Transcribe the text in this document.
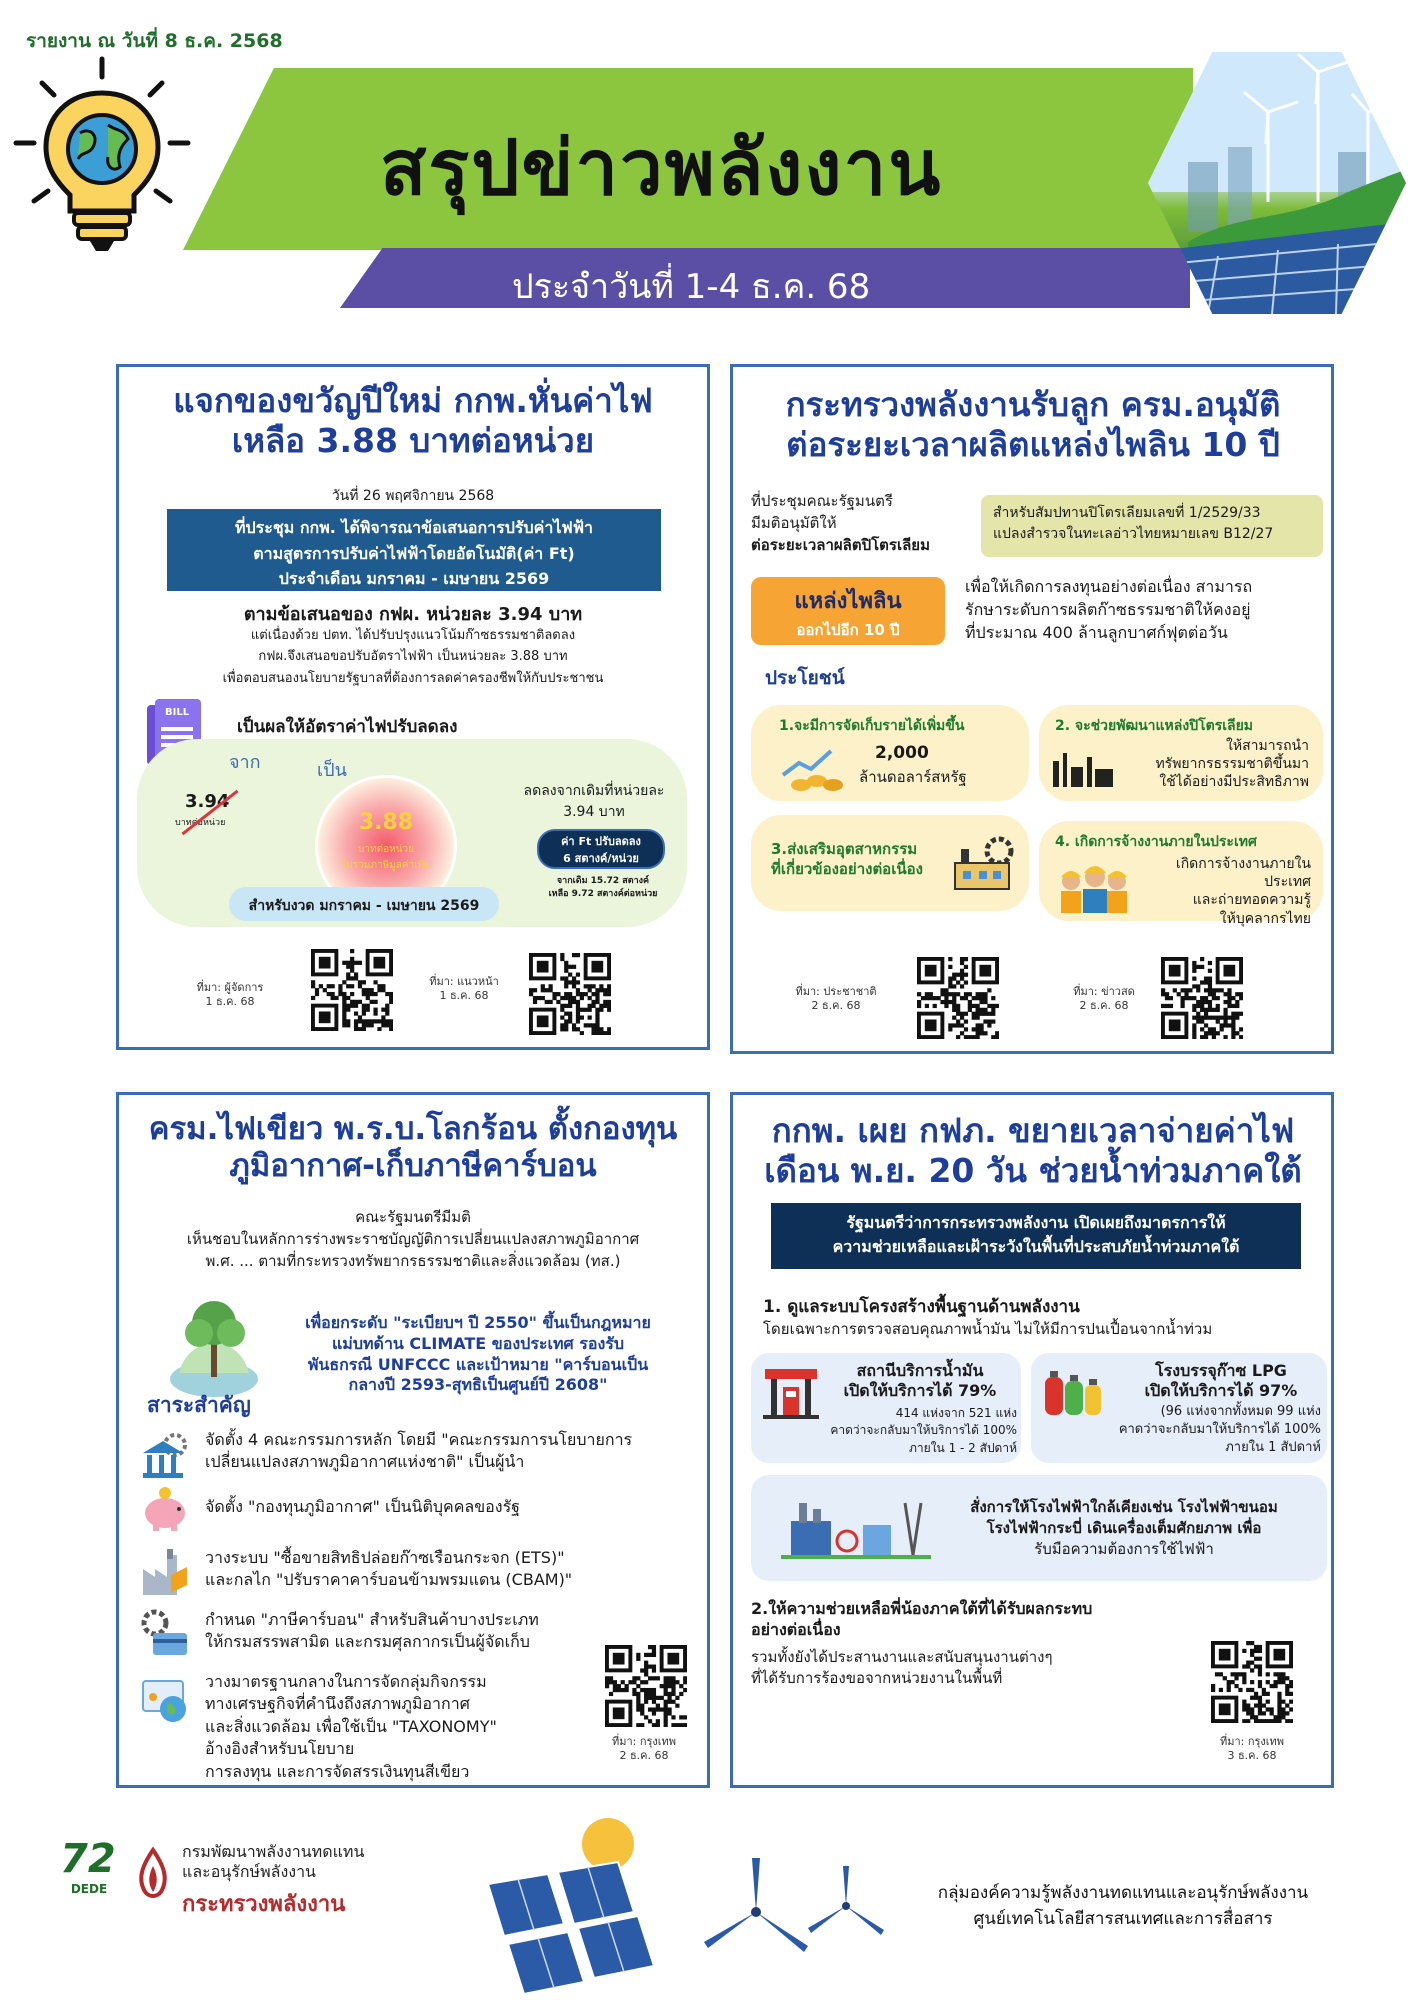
รายงาน ณ วันที่ 8 ธ.ค. 2568
สรุปข่าวพลังงาน
ประจำวันที่ 1-4 ธ.ค. 68
แจกของขวัญปีใหม่ กกพ.หั่นค่าไฟ
เหลือ 3.88 บาทต่อหน่วย
วันที่ 26 พฤศจิกายน 2568
ที่ประชุม กกพ. ได้พิจารณาข้อเสนอการปรับค่าไฟฟ้า
ตามสูตรการปรับค่าไฟฟ้าโดยอัตโนมัติ(ค่า Ft)
ประจำเดือน มกราคม - เมษายน 2569
ตามข้อเสนอของ กฟผ. หน่วยละ 3.94 บาท
แต่เนื่องด้วย ปตท. ได้ปรับปรุงแนวโน้มก๊าซธรรมชาติลดลง
กฟผ.จึงเสนอขอปรับอัตราไฟฟ้า เป็นหน่วยละ 3.88 บาท
เพื่อตอบสนองนโยบายรัฐบาลที่ต้องการลดค่าครองชีพให้กับประชาชน
BILL
เป็นผลให้อัตราค่าไฟปรับลดลง
จาก	เป็น
3.94
บาทต่อหน่วย	3.88
บาทต่อหน่วย
ไม่รวมภาษีมูลค่าเพิ่ม
ลดลงจากเดิมที่หน่วยละ
3.94 บาท
ค่า Ft ปรับลดลง
6 สตางค์/หน่วย
จากเดิม 15.72 สตางค์
เหลือ 9.72 สตางค์ต่อหน่วย
สำหรับงวด มกราคม - เมษายน 2569
ที่มา: ผู้จัดการ
1 ธ.ค. 68
ที่มา: แนวหน้า
1 ธ.ค. 68
กระทรวงพลังงานรับลูก ครม.อนุมัติ
ต่อระยะเวลาผลิตแหล่งไพลิน 10 ปี
ที่ประชุมคณะรัฐมนตรี
มีมติอนุมัติให้
ต่อระยะเวลาผลิตปิโตรเลียม
สำหรับสัมปทานปิโตรเลียมเลขที่ 1/2529/33
แปลงสำรวจในทะเลอ่าวไทยหมายเลข B12/27
แหล่งไพลิน
ออกไปอีก 10 ปี
เพื่อให้เกิดการลงทุนอย่างต่อเนื่อง สามารถ
รักษาระดับการผลิตก๊าซธรรมชาติให้คงอยู่
ที่ประมาณ 400 ล้านลูกบาศก์ฟุตต่อวัน
ประโยชน์
1.จะมีการจัดเก็บรายได้เพิ่มขึ้น
2,000
ล้านดอลาร์สหรัฐ
2. จะช่วยพัฒนาแหล่งปิโตรเลียม
ให้สามารถนำ
ทรัพยากรธรรมชาติขึ้นมา
ใช้ได้อย่างมีประสิทธิภาพ
3.ส่งเสริมอุตสาหกรรม
ที่เกี่ยวข้องอย่างต่อเนื่อง
4. เกิดการจ้างงานภายในประเทศ
เกิดการจ้างงานภายในประเทศ
และถ่ายทอดความรู้
ให้บุคลากรไทย
ที่มา: ประชาชาติ
2 ธ.ค. 68
ที่มา: ข่าวสด
2 ธ.ค. 68
ครม.ไฟเขียว พ.ร.บ.โลกร้อน ตั้งกองทุน
ภูมิอากาศ-เก็บภาษีคาร์บอน
คณะรัฐมนตรีมีมติ
เห็นชอบในหลักการร่างพระราชบัญญัติการเปลี่ยนแปลงสภาพภูมิอากาศ
พ.ศ. ... ตามที่กระทรวงทรัพยากรธรรมชาติและสิ่งแวดล้อม (ทส.)
เพื่อยกระดับ "ระเบียบฯ ปี 2550" ขึ้นเป็นกฎหมาย
แม่บทด้าน CLIMATE ของประเทศ รองรับ
พันธกรณี UNFCCC และเป้าหมาย "คาร์บอนเป็น
กลางปี 2593-สุทธิเป็นศูนย์ปี 2608"
สาระสำคัญ
จัดตั้ง 4 คณะกรรมการหลัก โดยมี "คณะกรรมการนโยบายการ
เปลี่ยนแปลงสภาพภูมิอากาศแห่งชาติ" เป็นผู้นำ
จัดตั้ง "กองทุนภูมิอากาศ" เป็นนิติบุคคลของรัฐ
วางระบบ "ซื้อขายสิทธิปล่อยก๊าซเรือนกระจก (ETS)"
และกลไก "ปรับราคาคาร์บอนข้ามพรมแดน (CBAM)"
กำหนด "ภาษีคาร์บอน" สำหรับสินค้าบางประเภท
ให้กรมสรรพสามิต และกรมศุลกากรเป็นผู้จัดเก็บ
วางมาตรฐานกลางในการจัดกลุ่มกิจกรรม
ทางเศรษฐกิจที่คำนึงถึงสภาพภูมิอากาศ
และสิ่งแวดล้อม เพื่อใช้เป็น "TAXONOMY"
อ้างอิงสำหรับนโยบาย
การลงทุน และการจัดสรรเงินทุนสีเขียว
ที่มา: กรุงเทพ
2 ธ.ค. 68
กกพ. เผย กฟภ. ขยายเวลาจ่ายค่าไฟ
เดือน พ.ย. 20 วัน ช่วยน้ำท่วมภาคใต้
รัฐมนตรีว่าการกระทรวงพลังงาน เปิดเผยถึงมาตรการให้
ความช่วยเหลือและเฝ้าระวังในพื้นที่ประสบภัยน้ำท่วมภาคใต้
1. ดูแลระบบโครงสร้างพื้นฐานด้านพลังงาน
โดยเฉพาะการตรวจสอบคุณภาพน้ำมัน ไม่ให้มีการปนเปื้อนจากน้ำท่วม
สถานีบริการน้ำมัน
เปิดให้บริการได้ 79%
414 แห่งจาก 521 แห่ง
คาดว่าจะกลับมาให้บริการได้ 100%
ภายใน 1 - 2 สัปดาห์
โรงบรรจุก๊าซ LPG
เปิดให้บริการได้ 97%
(96 แห่งจากทั้งหมด 99 แห่ง
คาดว่าจะกลับมาให้บริการได้ 100%
ภายใน 1 สัปดาห์
สั่งการให้โรงไฟฟ้าใกล้เคียงเช่น โรงไฟฟ้าขนอม
โรงไฟฟ้ากระบี่ เดินเครื่องเต็มศักยภาพ เพื่อ
รับมือความต้องการใช้ไฟฟ้า
2.ให้ความช่วยเหลือพี่น้องภาคใต้ที่ได้รับผลกระทบ
อย่างต่อเนื่อง
รวมทั้งยังได้ประสานงานและสนับสนุนงานต่างๆ
ที่ได้รับการร้องขอจากหน่วยงานในพื้นที่
ที่มา: กรุงเทพ
3 ธ.ค. 68
72
DEDE
กรมพัฒนาพลังงานทดแทน
และอนุรักษ์พลังงาน
กระทรวงพลังงาน	กลุ่มองค์ความรู้พลังงานทดแทนและอนุรักษ์พลังงาน
ศูนย์เทคโนโลยีสารสนเทศและการสื่อสาร
